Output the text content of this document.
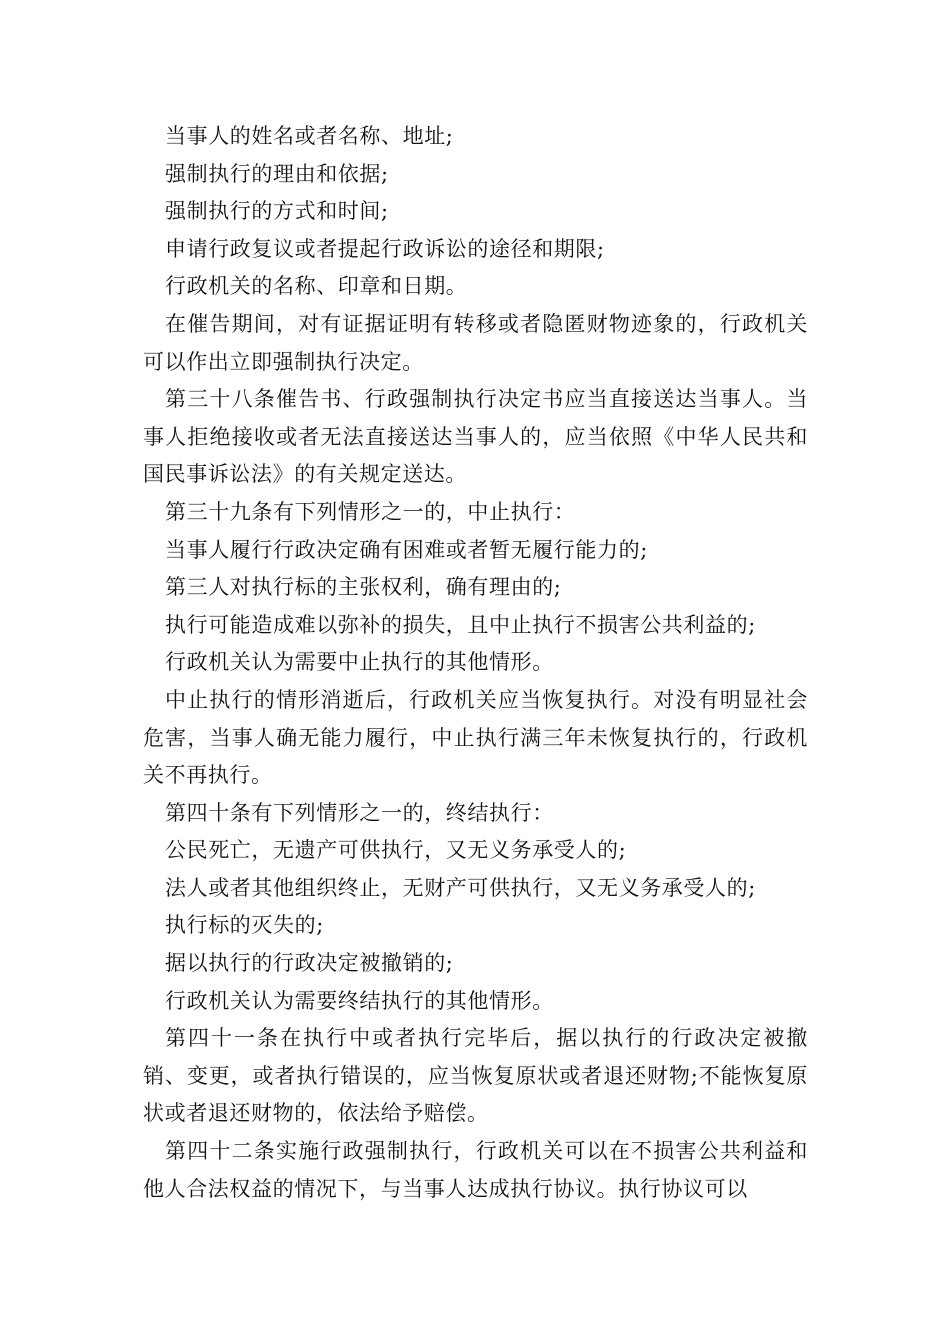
当事人的姓名或者名称、地址;

强制执行的理由和依据;

强制执行的方式和时间;

申请行政复议或者提起行政诉讼的途径和期限;

行政机关的名称、印章和日期。

在催告期间，对有证据证明有转移或者隐匿财物迹象的，行政机关可以作出立即强制执行决定。

第三十八条催告书、行政强制执行决定书应当直接送达当事人。当事人拒绝接收或者无法直接送达当事人的，应当依照《中华人民共和国民事诉讼法》的有关规定送达。

第三十九条有下列情形之一的，中止执行：

当事人履行行政决定确有困难或者暂无履行能力的;

第三人对执行标的主张权利，确有理由的;

执行可能造成难以弥补的损失，且中止执行不损害公共利益的;

行政机关认为需要中止执行的其他情形。

中止执行的情形消逝后，行政机关应当恢复执行。对没有明显社会危害，当事人确无能力履行，中止执行满三年未恢复执行的，行政机关不再执行。

第四十条有下列情形之一的，终结执行：

公民死亡，无遗产可供执行，又无义务承受人的;

法人或者其他组织终止，无财产可供执行，又无义务承受人的;

执行标的灭失的;

据以执行的行政决定被撤销的;

行政机关认为需要终结执行的其他情形。

第四十一条在执行中或者执行完毕后，据以执行的行政决定被撤销、变更，或者执行错误的，应当恢复原状或者退还财物;不能恢复原状或者退还财物的，依法给予赔偿。

第四十二条实施行政强制执行，行政机关可以在不损害公共利益和他人合法权益的情况下，与当事人达成执行协议。执行协议可以
